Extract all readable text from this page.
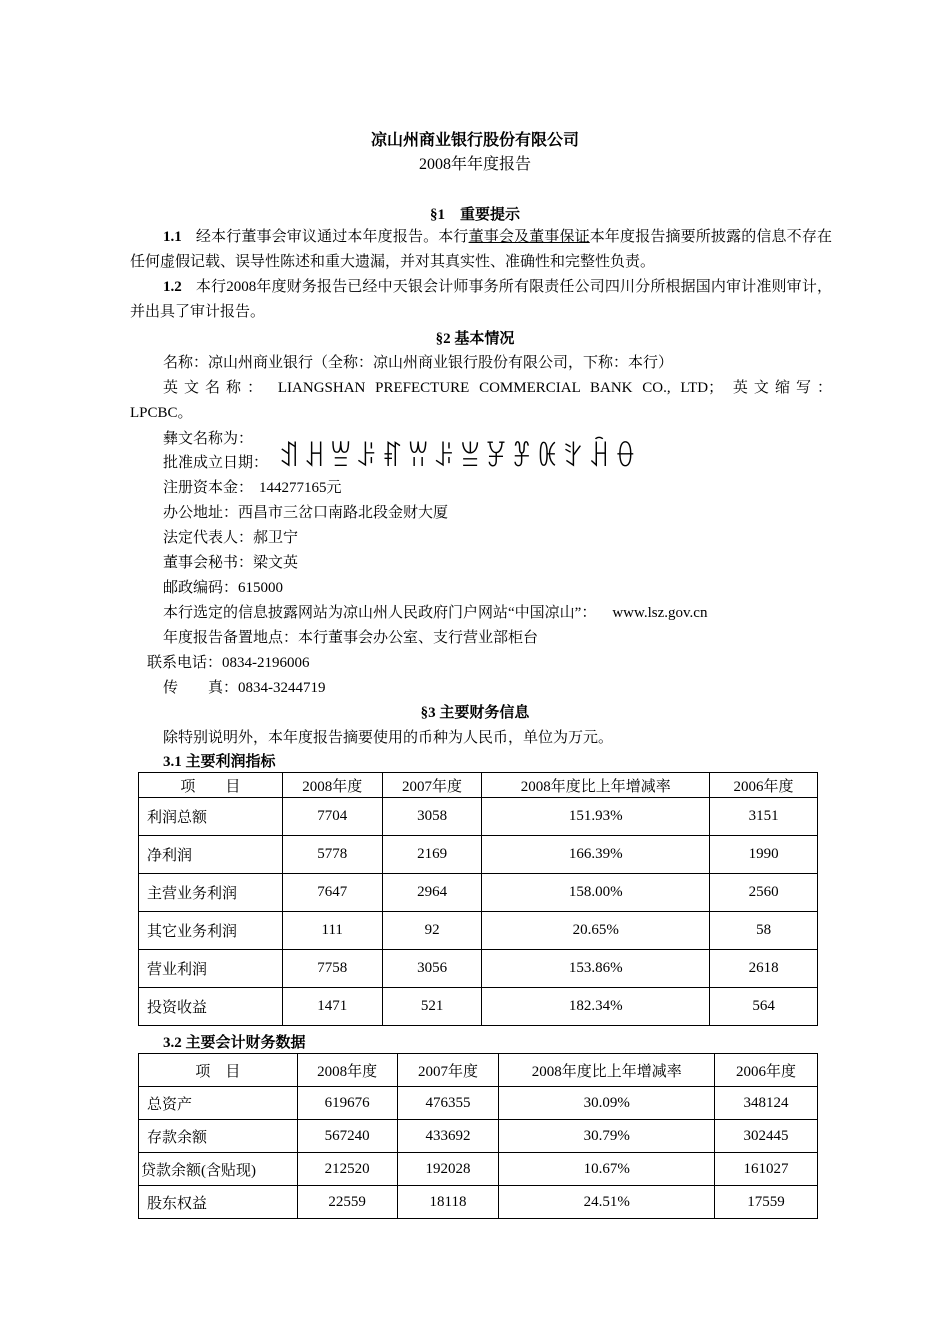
凉山州商业银行股份有限公司
2008年年度报告
§1　重要提示
1.1 经本行董事会审议通过本年度报告。本行董事会及董事保证本年度报告摘要所披露的信息不存在任何虚假记载、误导性陈述和重大遗漏，并对其真实性、准确性和完整性负责。
1.2 本行2008年度财务报告已经中天银会计师事务所有限责任公司四川分所根据国内审计准则审计，并出具了审计报告。
§2 基本情况
名称：凉山州商业银行（全称：凉山州商业银行股份有限公司，下称：本行）
英文名称： LIANGSHAN PREFECTURE COMMERCIAL BANK CO., LTD； 英文缩写：
LPCBC。
彝文名称为：
批准成立日期：
注册资本金： 144277165元
ꀊꃅꁡꌠꐥꀕꌠꁈꐯꐞꀚꇬꃄꂷ
办公地址：西昌市三岔口南路北段金财大厦
法定代表人：郝卫宁
董事会秘书：梁文英
邮政编码：615000
本行选定的信息披露网站为凉山州人民政府门户网站“中国凉山”： www.lsz.gov.cn
年度报告备置地点：本行董事会办公室、支行营业部柜台
联系电话：0834-2196006
传　　真：0834-3244719
§3 主要财务信息
除特别说明外，本年度报告摘要使用的币种为人民币，单位为万元。
3.1 主要利润指标
项　　目	2008年度	2007年度	2008年度比上年增减率	2006年度
利润总额	7704	3058	151.93%	3151
净利润	5778	2169	166.39%	1990
主营业务利润	7647	2964	158.00%	2560
其它业务利润	111	92	20.65%	58
营业利润	7758	3056	153.86%	2618
投资收益	1471	521	182.34%	564
3.2 主要会计财务数据
项　目	2008年度	2007年度	2008年度比上年增减率	2006年度
总资产	619676	476355	30.09%	348124
存款余额	567240	433692	30.79%	302445
贷款余额(含贴现)	212520	192028	10.67%	161027
股东权益	22559	18118	24.51%	17559
